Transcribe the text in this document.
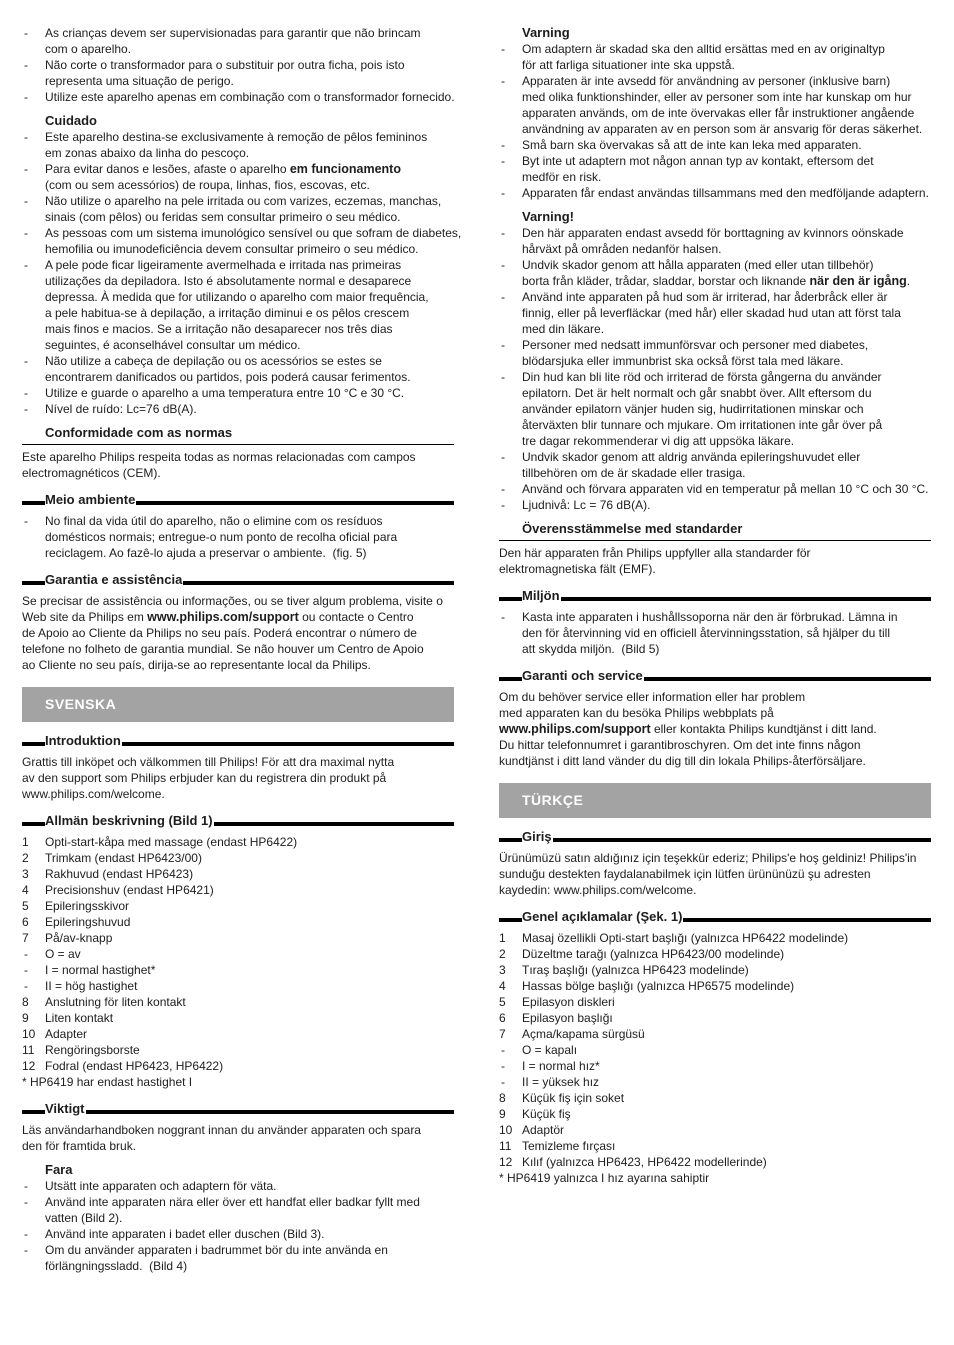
- As crianças devem ser supervisionadas para garantir que não brincam
com o aparelho.
- Não corte o transformador para o substituir por outra ficha, pois isto
representa uma situação de perigo.
- Utilize este aparelho apenas em combinação com o transformador fornecido.
Cuidado
- Este aparelho destina-se exclusivamente à remoção de pêlos femininos
em zonas abaixo da linha do pescoço.
- Para evitar danos e lesões, afaste o aparelho em funcionamento
(com ou sem acessórios) de roupa, linhas, fios, escovas, etc.
- Não utilize o aparelho na pele irritada ou com varizes, eczemas, manchas,
sinais (com pêlos) ou feridas sem consultar primeiro o seu médico.
- As pessoas com um sistema imunológico sensível ou que sofram de diabetes,
hemofilia ou imunodeficiência devem consultar primeiro o seu médico.
- A pele pode ficar ligeiramente avermelhada e irritada nas primeiras
utilizações da depiladora. Isto é absolutamente normal e desaparece
depressa. À medida que for utilizando o aparelho com maior frequência,
a pele habitua-se à depilação, a irritação diminui e os pêlos crescem
mais finos e macios. Se a irritação não desaparecer nos três dias
seguintes, é aconselhável consultar um médico.
- Não utilize a cabeça de depilação ou os acessórios se estes se
encontrarem danificados ou partidos, pois poderá causar ferimentos.
- Utilize e guarde o aparelho a uma temperatura entre 10 °C e 30 °C.
- Nível de ruído: Lc=76 dB(A).
Conformidade com as normas
Este aparelho Philips respeita todas as normas relacionadas com campos
electromagnéticos (CEM).
Meio ambiente
- No final da vida útil do aparelho, não o elimine com os resíduos
domésticos normais; entregue-o num ponto de recolha oficial para
reciclagem. Ao fazê-lo ajuda a preservar o ambiente.  (fig. 5)
Garantia e assistência
Se precisar de assistência ou informações, ou se tiver algum problema, visite o
Web site da Philips em www.philips.com/support ou contacte o Centro
de Apoio ao Cliente da Philips no seu país. Poderá encontrar o número de
telefone no folheto de garantia mundial. Se não houver um Centro de Apoio
ao Cliente no seu país, dirija-se ao representante local da Philips.
SVENSKA
Introduktion
Grattis till inköpet och välkommen till Philips! För att dra maximal nytta
av den support som Philips erbjuder kan du registrera din produkt på
www.philips.com/welcome.
Allmän beskrivning (Bild 1)
1 Opti-start-kåpa med massage (endast HP6422)
2 Trimkam (endast HP6423/00)
3 Rakhuvud (endast HP6423)
4 Precisionshuv (endast HP6421)
5 Epileringsskivor
6 Epileringshuvud
7 På/av-knapp
- O = av
- I = normal hastighet*
- II = hög hastighet
8 Anslutning för liten kontakt
9 Liten kontakt
10 Adapter
11 Rengöringsborste
12 Fodral (endast HP6423, HP6422)
* HP6419 har endast hastighet I
Viktigt
Läs användarhandboken noggrant innan du använder apparaten och spara
den för framtida bruk.
Fara
- Utsätt inte apparaten och adaptern för väta.
- Använd inte apparaten nära eller över ett handfat eller badkar fyllt med
vatten (Bild 2).
- Använd inte apparaten i badet eller duschen (Bild 3).
- Om du använder apparaten i badrummet bör du inte använda en
förlängningssladd.  (Bild 4)
Varning
- Om adaptern är skadad ska den alltid ersättas med en av originaltyp
för att farliga situationer inte ska uppstå.
- Apparaten är inte avsedd för användning av personer (inklusive barn)
med olika funktionshinder, eller av personer som inte har kunskap om hur
apparaten används, om de inte övervakas eller får instruktioner angående
användning av apparaten av en person som är ansvarig för deras säkerhet.
- Små barn ska övervakas så att de inte kan leka med apparaten.
- Byt inte ut adaptern mot någon annan typ av kontakt, eftersom det
medför en risk.
- Apparaten får endast användas tillsammans med den medföljande adaptern.
Varning!
- Den här apparaten endast avsedd för borttagning av kvinnors oönskade
hårväxt på områden nedanför halsen.
- Undvik skador genom att hålla apparaten (med eller utan tillbehör)
borta från kläder, trådar, sladdar, borstar och liknande när den är igång.
- Använd inte apparaten på hud som är irriterad, har åderbråck eller är
finnig, eller på leverfläckar (med hår) eller skadad hud utan att först tala
med din läkare.
- Personer med nedsatt immunförsvar och personer med diabetes,
blödarsjuka eller immunbrist ska också först tala med läkare.
- Din hud kan bli lite röd och irriterad de första gångerna du använder
epilatorn. Det är helt normalt och går snabbt över. Allt eftersom du
använder epilatorn vänjer huden sig, hudirritationen minskar och
återväxten blir tunnare och mjukare. Om irritationen inte går över på
tre dagar rekommenderar vi dig att uppsöka läkare.
- Undvik skador genom att aldrig använda epileringshuvudet eller
tillbehören om de är skadade eller trasiga.
- Använd och förvara apparaten vid en temperatur på mellan 10 °C och 30 °C.
- Ljudnivå: Lc = 76 dB(A).
Överensstämmelse med standarder
Den här apparaten från Philips uppfyller alla standarder för
elektromagnetiska fält (EMF).
Miljön
- Kasta inte apparaten i hushållssoporna när den är förbrukad. Lämna in
den för återvinning vid en officiell återvinningsstation, så hjälper du till
att skydda miljön.  (Bild 5)
Garanti och service
Om du behöver service eller information eller har problem
med apparaten kan du besöka Philips webbplats på
www.philips.com/support eller kontakta Philips kundtjänst i ditt land.
Du hittar telefonnumret i garantibroschyren. Om det inte finns någon
kundtjänst i ditt land vänder du dig till din lokala Philips-återförsäljare.
TÜRKÇE
Giriş
Ürünümüzü satın aldığınız için teşekkür ederiz; Philips'e hoş geldiniz! Philips'in
sunduğu destekten faydalanabilmek için lütfen ürününüzü şu adresten
kaydedin: www.philips.com/welcome.
Genel açıklamalar (Şek. 1)
1 Masaj özellikli Opti-start başlığı (yalnızca HP6422 modelinde)
2 Düzeltme tarağı (yalnızca HP6423/00 modelinde)
3 Tıraş başlığı (yalnızca HP6423 modelinde)
4 Hassas bölge başlığı (yalnızca HP6575 modelinde)
5 Epilasyon diskleri
6 Epilasyon başlığı
7 Açma/kapama sürgüsü
- O = kapalı
- I = normal hız*
- II = yüksek hız
8 Küçük fiş için soket
9 Küçük fiş
10 Adaptör
11 Temizleme fırçası
12 Kılıf (yalnızca HP6423, HP6422 modellerinde)
* HP6419 yalnızca I hız ayarına sahiptir
